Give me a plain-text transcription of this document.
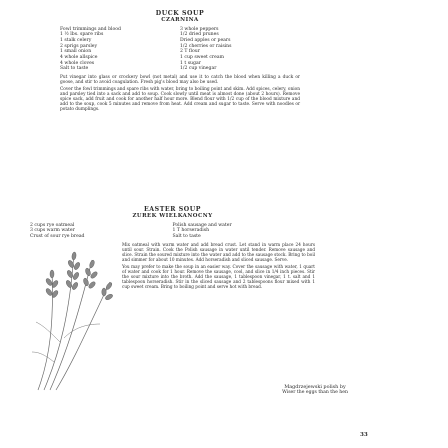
DUCK SOUP
CZARNINA
Fowl trimmings and blood
1 ½ lbs. spare ribs
1 stalk celery
2 sprigs parsley
1 small onion
4 whole allspice
4 whole cloves
Salt to taste
3 whole peppers
1/2 dried prunes
Dried apples or pears
1/2 cherries or raisins
2 T flour
1 cup sweet cream
1 t sugar
1/2 cup vinegar

Put vinegar into glass or crockery bowl (not metal) and use it to catch the blood when killing a duck or goose, and stir to avoid coagulation. Fresh pig's blood may also be used.

Cover the fowl trimmings and spare ribs with water, bring to boiling point and skim. Add spices, celery, onion and parsley tied into a sack and add to soup. Cook slowly until meat is almost done (about 2 hours). Remove spice sack, add fruit and cook for another half hour more. Blend flour with 1/2 cup of the blood mixture and add to the soup, cook 5 minutes and remove from heat. Add cream and sugar to taste. Serve with noodles or potato dumplings.

EASTER SOUP
ZUREK WIELKANOCNY
2 cups rye oatmeal
3 cups warm water
Crust of sour rye bread
Polish sausage and water
1 T horseradish
Salt to taste

Mix oatmeal with warm water and add bread crust. Let stand in warm place 24 hours until sour. Strain. Cook the Polish sausage in water until tender. Remove sausage and slice. Strain the soured mixture into the water and add to the sausage stock. Bring to boil and simmer for about 10 minutes. Add horseradish and sliced sausage. Serve.

You may prefer to make the soup in an easier way. Cover the sausage with water, 1 quart of water and cook for 1 hour. Remove the sausage, cool, and slice in 1/4 inch pieces. Stir the sour mixture into the broth. Add the sausage, 1 tablespoon vinegar, 1 t. salt and 1 tablespoon horseradish. Stir in the sliced sausage and 2 tablespoons flour mixed with 1 cup sweet cream. Bring to boiling point and serve hot with bread.

Magdrzejewski polish by
Wiser the eggs than the hen
33
